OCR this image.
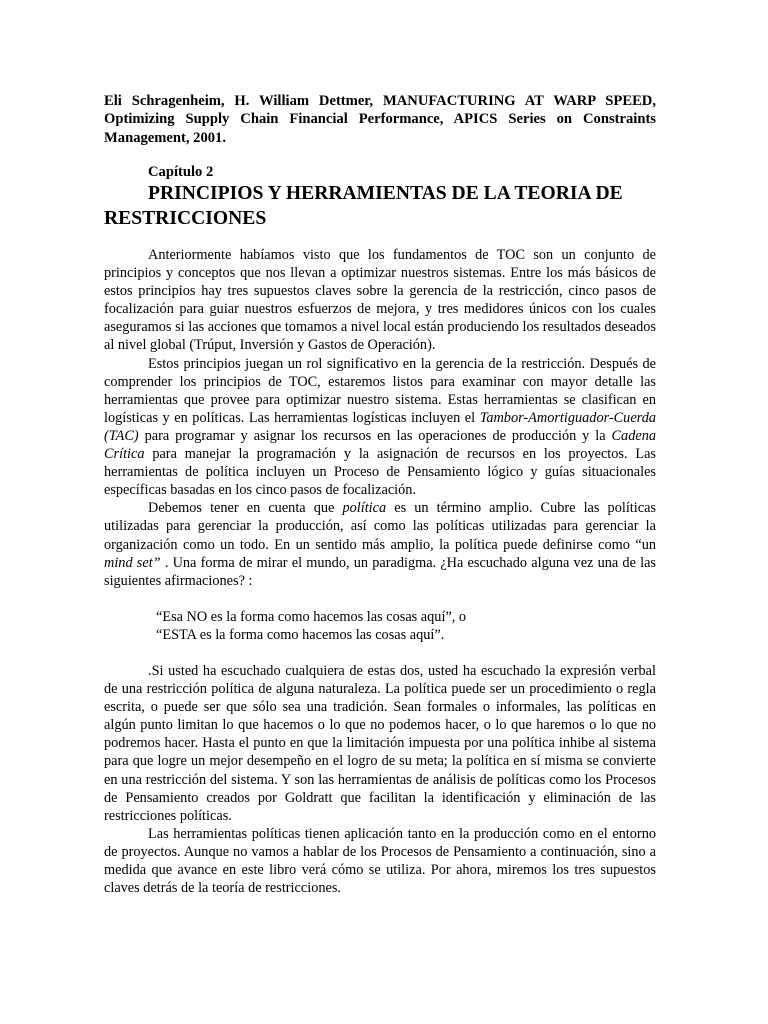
Eli Schragenheim, H. William Dettmer, MANUFACTURING AT WARP SPEED, Optimizing Supply Chain Financial Performance, APICS Series on Constraints Management, 2001.
Capítulo 2
PRINCIPIOS Y HERRAMIENTAS DE LA TEORIA DE RESTRICCIONES

Anteriormente habíamos visto que los fundamentos de TOC son un conjunto de principios y conceptos que nos llevan a optimizar nuestros sistemas. Entre los más básicos de estos principios hay tres supuestos claves sobre la gerencia de la restricción, cinco pasos de focalización para guiar nuestros esfuerzos de mejora, y tres medidores únicos con los cuales aseguramos si las acciones que tomamos a nivel local están produciendo los resultados deseados al nivel global (Trúput, Inversión y Gastos de Operación).

Estos principios juegan un rol significativo en la gerencia de la restricción. Después de comprender los principios de TOC, estaremos listos para examinar con mayor detalle las herramientas que provee para optimizar nuestro sistema. Estas herramientas se clasifican en logísticas y en políticas. Las herramientas logísticas incluyen el Tambor-Amortiguador-Cuerda (TAC) para programar y asignar los recursos en las operaciones de producción y la Cadena Crítica para manejar la programación y la asignación de recursos en los proyectos. Las herramientas de política incluyen un Proceso de Pensamiento lógico y guías situacionales específicas basadas en los cinco pasos de focalización.

Debemos tener en cuenta que política es un término amplio. Cubre las políticas utilizadas para gerenciar la producción, así como las políticas utilizadas para gerenciar la organización como un todo. En un sentido más amplio, la política puede definirse como “un mind set” . Una forma de mirar el mundo, un paradigma. ¿Ha escuchado alguna vez una de las siguientes afirmaciones? :

“Esa NO es la forma como hacemos las cosas aquí”, o
“ESTA es la forma como hacemos las cosas aquí”.

.Si usted ha escuchado cualquiera de estas dos, usted ha escuchado la expresión verbal de una restricción política de alguna naturaleza. La política puede ser un procedimiento o regla escrita, o puede ser que sólo sea una tradición. Sean formales o informales, las políticas en algún punto limitan lo que hacemos o lo que no podemos hacer, o lo que haremos o lo que no podremos hacer. Hasta el punto en que la limitación impuesta por una política inhibe al sistema para que logre un mejor desempeño en el logro de su meta; la política en sí misma se convierte en una restricción del sistema. Y son las herramientas de análisis de políticas como los Procesos de Pensamiento creados por Goldratt que facilitan la identificación y eliminación de las restricciones políticas.

Las herramientas políticas tienen aplicación tanto en la producción como en el entorno de proyectos. Aunque no vamos a hablar de los Procesos de Pensamiento a continuación, sino a medida que avance en este libro verá cómo se utiliza. Por ahora, miremos los tres supuestos claves detrás de la teoría de restricciones.
